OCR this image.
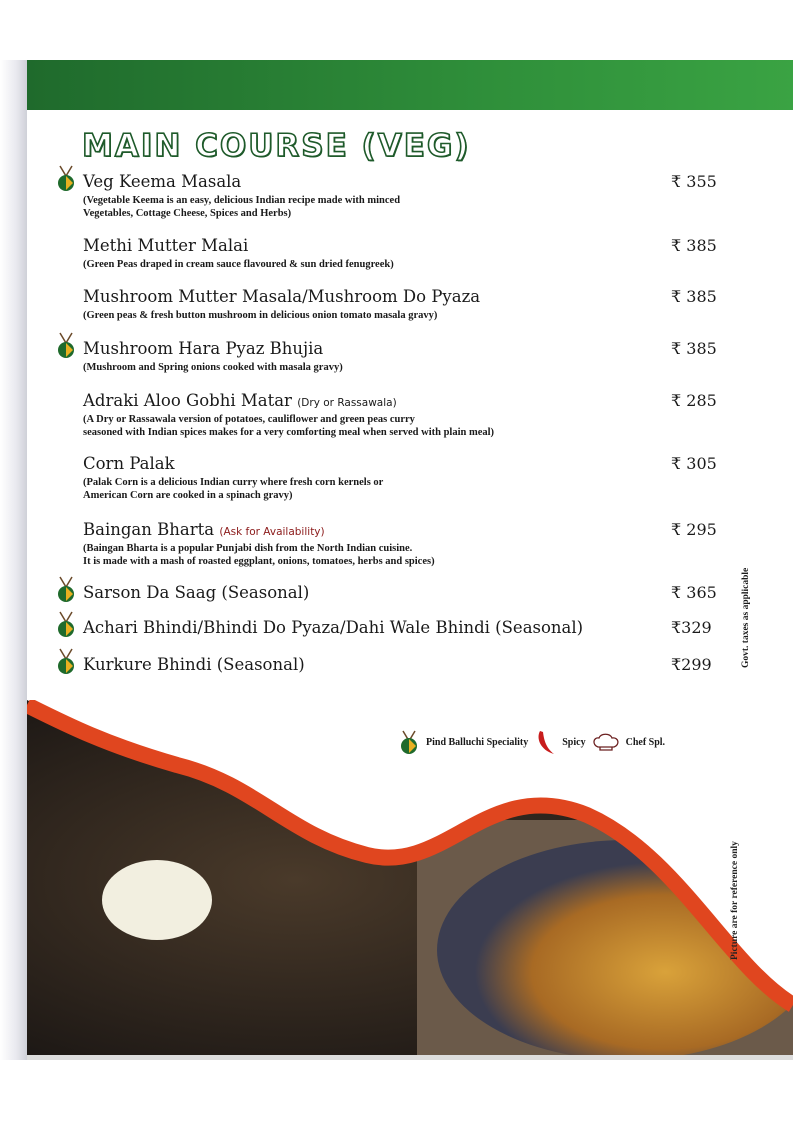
MAIN COURSE (VEG)
Veg Keema Masala
(Vegetable Keema is an easy, delicious Indian recipe made with minced
Vegetables, Cottage Cheese, Spices and Herbs)
₹ 355
Methi Mutter Malai
(Green Peas draped in cream sauce flavoured & sun dried fenugreek)
₹ 385
Mushroom Mutter Masala/Mushroom Do Pyaza
(Green peas & fresh button mushroom in delicious onion tomato masala gravy)
₹ 385
Mushroom Hara Pyaz Bhujia
(Mushroom and Spring onions cooked with masala gravy)
₹ 385
Adraki Aloo Gobhi Matar (Dry or Rassawala)
(A Dry or Rassawala version of potatoes, cauliflower and green peas curry
seasoned with Indian spices makes for a very comforting meal when served with plain meal)
₹ 285
Corn Palak
(Palak Corn is a delicious Indian curry where fresh corn kernels or
American Corn are cooked in a spinach gravy)
₹ 305
Baingan Bharta (Ask for Availability)
(Baingan Bharta is a popular Punjabi dish from the North Indian cuisine.
It is made with a mash of roasted eggplant, onions, tomatoes, herbs and spices)
₹ 295
Sarson Da Saag (Seasonal)	₹ 365
Achari Bhindi/Bhindi Do Pyaza/Dahi Wale Bhindi (Seasonal)	₹329
Kurkure Bhindi (Seasonal)	₹299	Govt. taxes as applicable
Pind Balluchi Speciality	Spicy	Chef Spl.
Picture are for reference only
